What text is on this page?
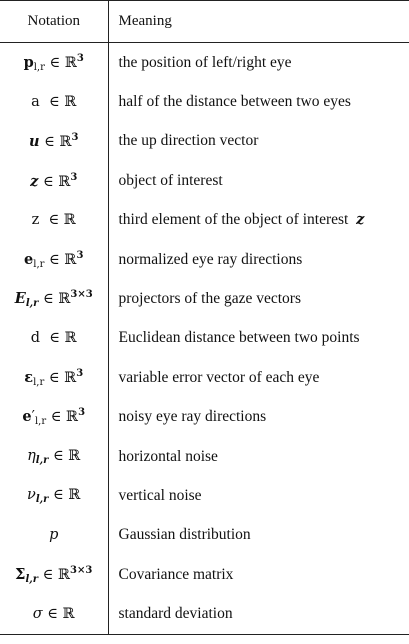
Notation	Meaning
$p_{l,r}$ ∈ ℝ$^3$	the position of left/right eye
a  ∈ ℝ	half of the distance between two eyes
u ∈ ℝ$^3$	the up direction vector
z ∈ ℝ$^3$	object of interest
z  ∈ ℝ	third element of the object of interest z
$e_{l,r}$ ∈ ℝ$^3$	normalized eye ray directions
$E_{l,r}$ ∈ ℝ$^{3\times 3}$	projectors of the gaze vectors
d  ∈ ℝ	Euclidean distance between two points
$\varepsilon_{l,r}$ ∈ ℝ$^3$	variable error vector of each eye
$e'_{l,r}$ ∈ ℝ$^3$	noisy eye ray directions
$\eta_{l,r}$ ∈ ℝ	horizontal noise
$\nu_{l,r}$ ∈ ℝ	vertical noise
p	Gaussian distribution
$\Sigma_{l,r}$ ∈ ℝ$^{3\times 3}$	Covariance matrix
σ ∈ ℝ	standard deviation
